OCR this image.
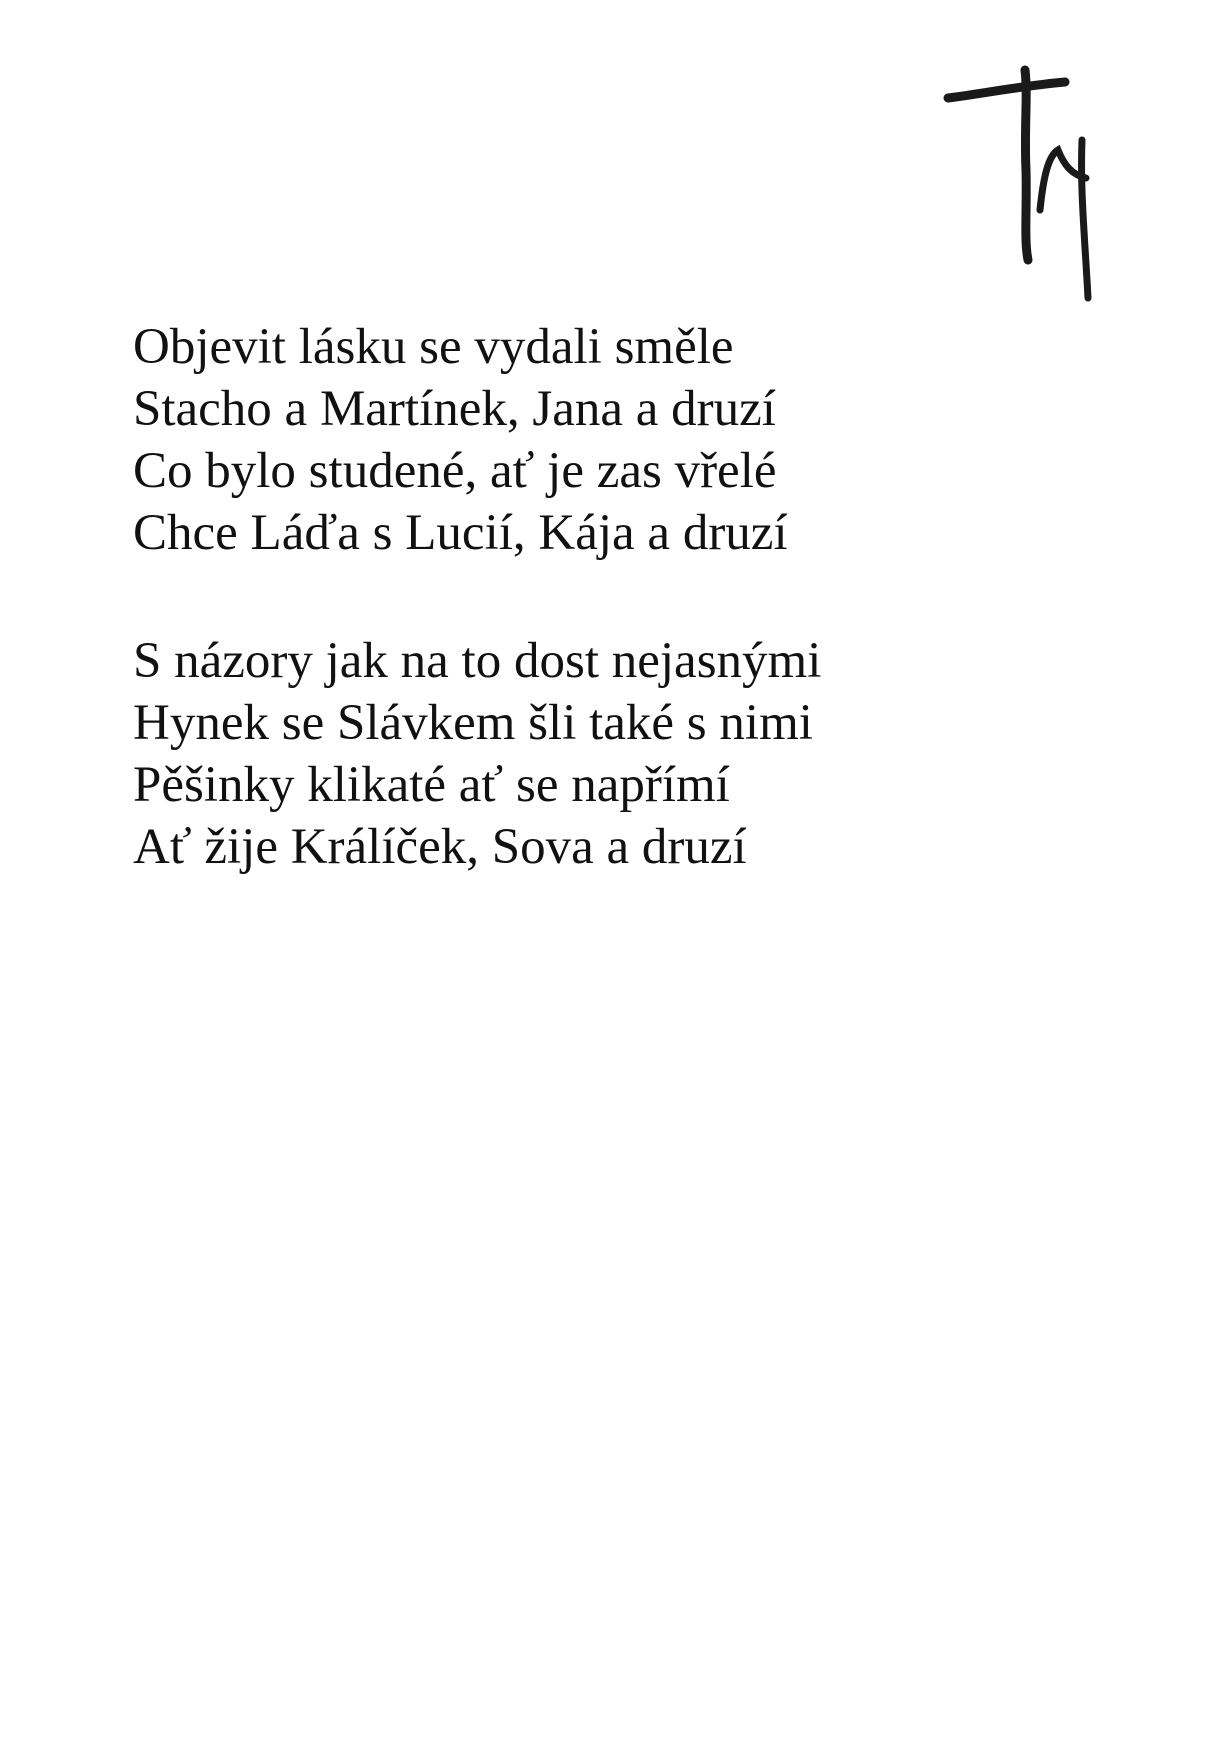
Objevit lásku se vydali směle
Stacho a Martínek, Jana a druzí
Co bylo studené, ať je zas vřelé
Chce Láďa s Lucií, Kája a druzí
S názory jak na to dost nejasnými
Hynek se Slávkem šli také s nimi
Pěšinky klikaté ať se napřímí
Ať žije Králíček, Sova a druzí
